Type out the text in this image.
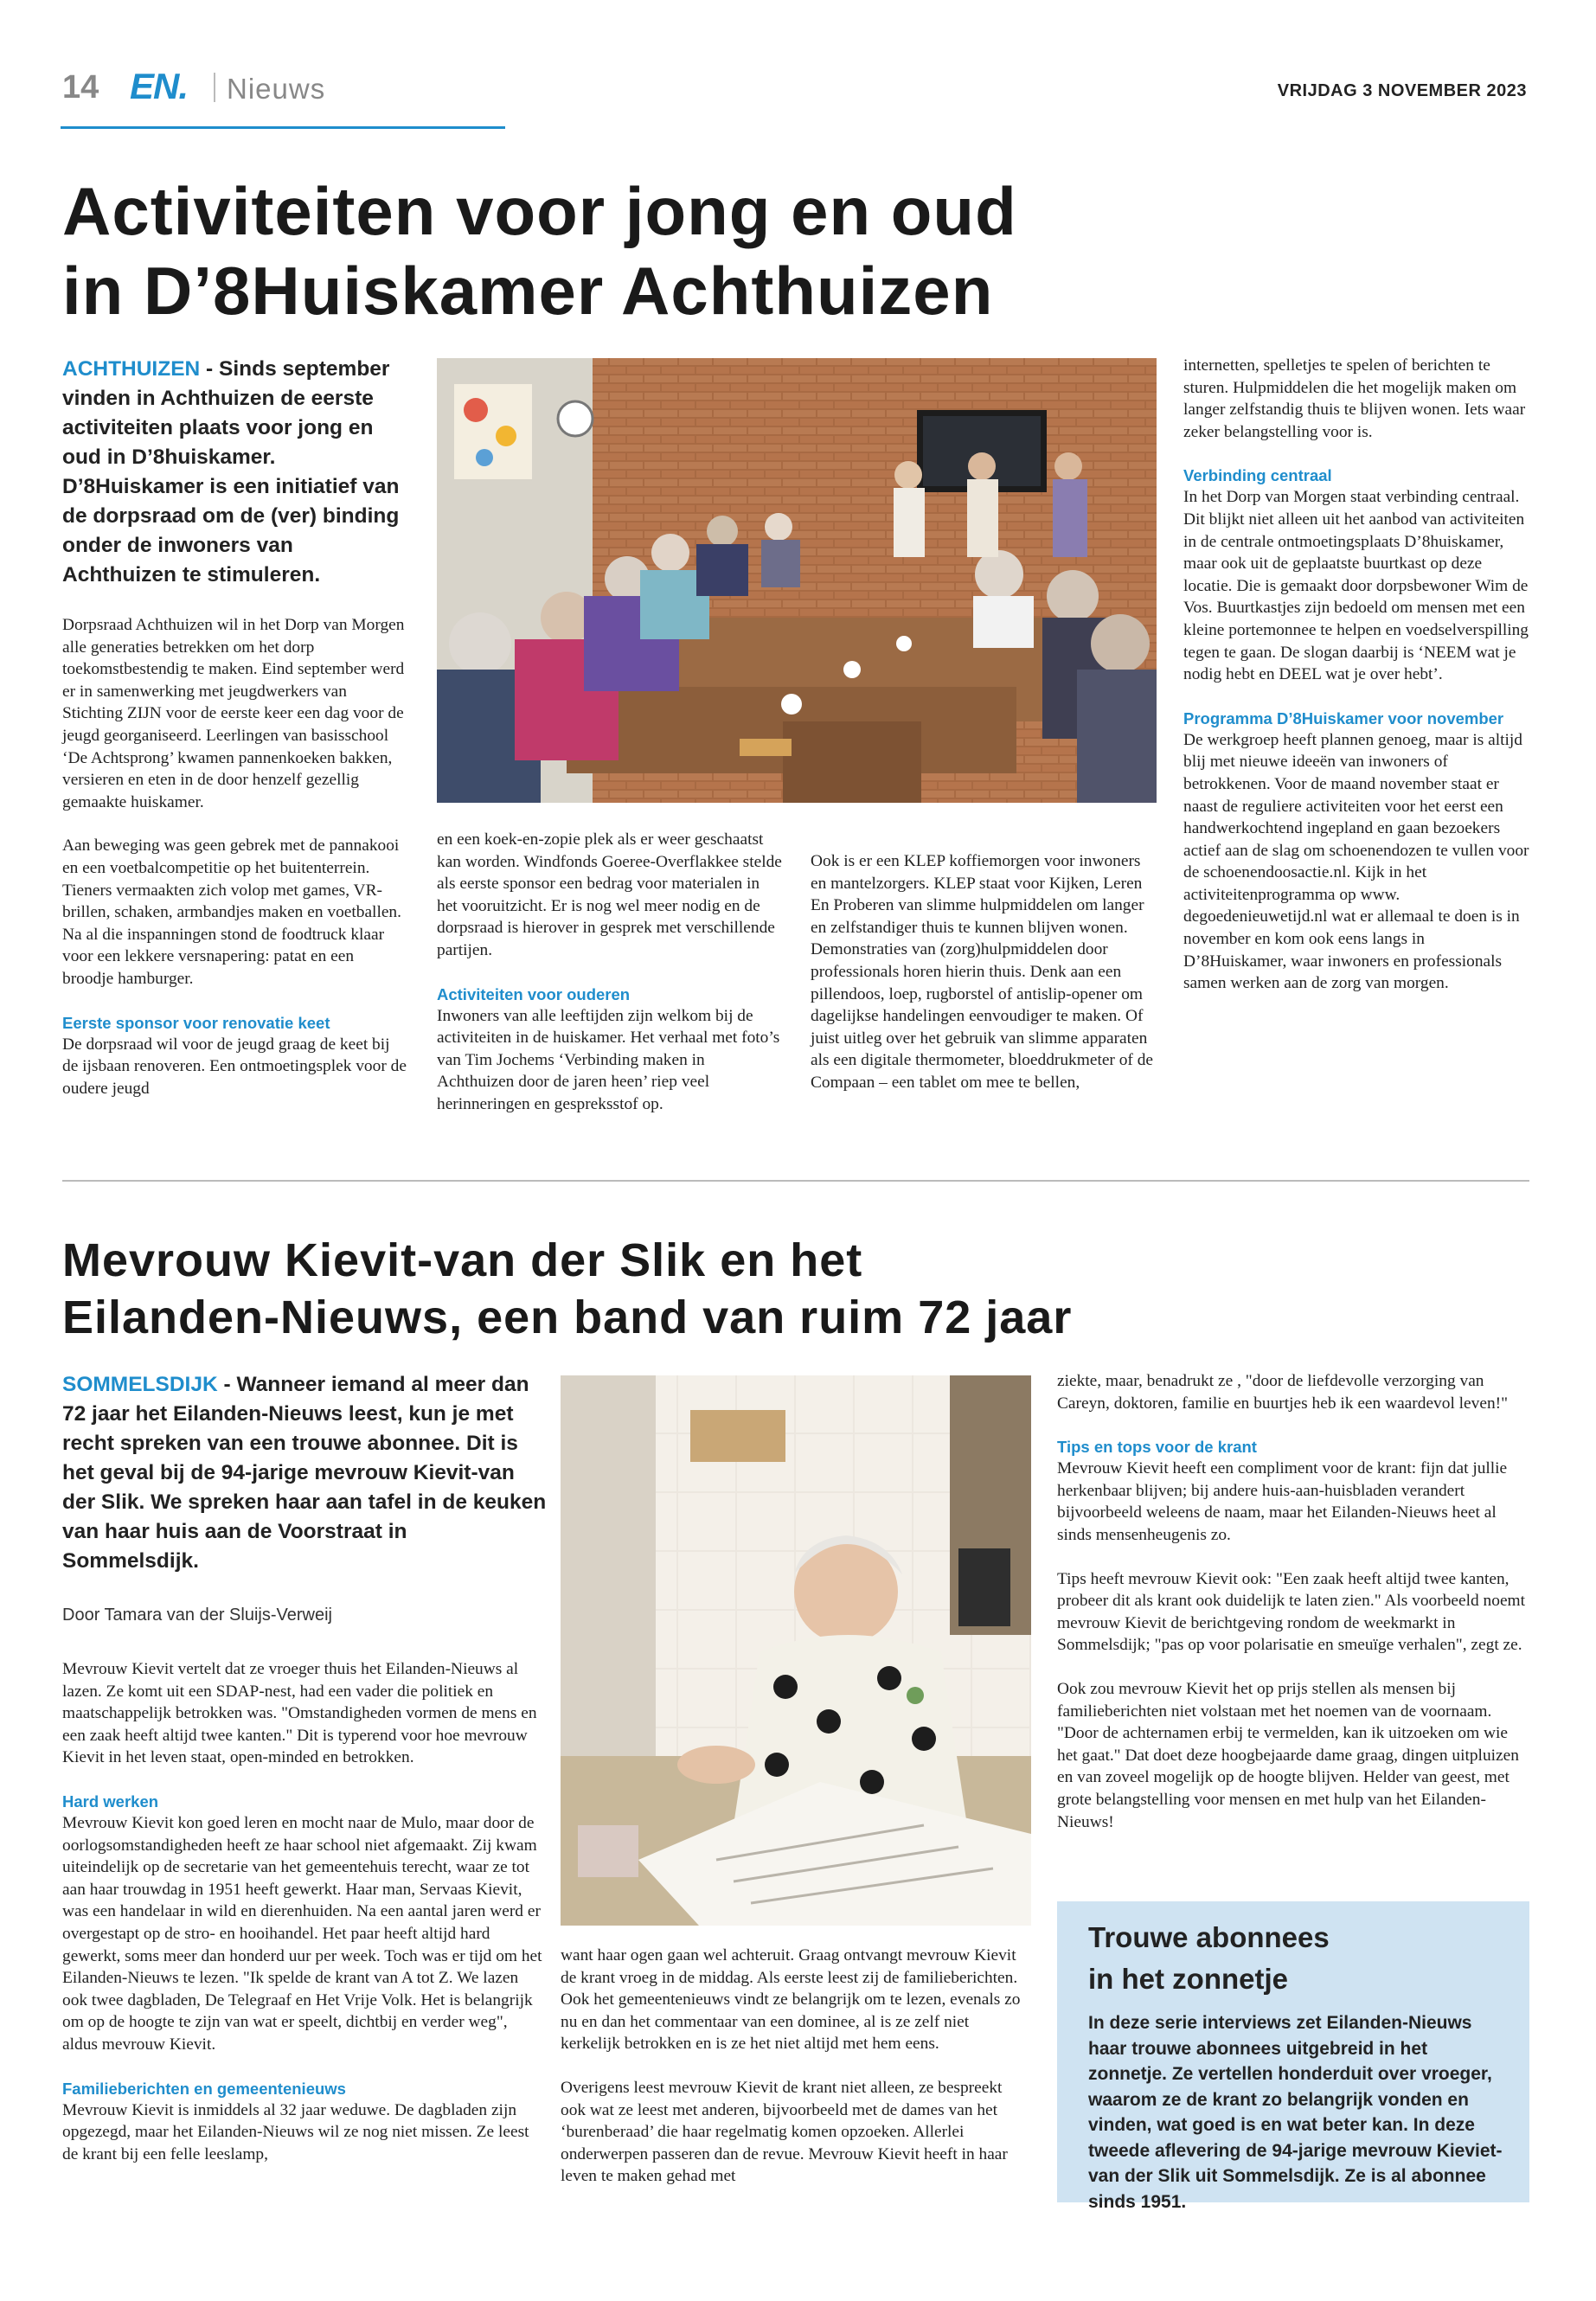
14 EN. Nieuws	VRIJDAG 3 NOVEMBER 2023
Activiteiten voor jong en oud
in D’8Huiskamer Achthuizen
ACHTHUIZEN - Sinds september vinden in Achthuizen de eerste activiteiten plaats voor jong en oud in D’8huiskamer. D’8Huiskamer is een initiatief van de dorpsraad om de (ver) binding onder de inwoners van Achthuizen te stimuleren.

Dorpsraad Achthuizen wil in het Dorp van Morgen alle generaties betrekken om het dorp toekomstbestendig te maken. Eind september werd er in samenwerking met jeugdwerkers van Stichting ZIJN voor de eerste keer een dag voor de jeugd georganiseerd. Leerlingen van basisschool ‘De Achtsprong’ kwamen pannenkoeken bakken, versieren en eten in de door henzelf gezellig gemaakte huiskamer.

Aan beweging was geen gebrek met de pannakooi en een voetbalcompetitie op het buitenterrein. Tieners vermaakten zich volop met games, VR-brillen, schaken, armbandjes maken en voetballen. Na al die inspanningen stond de foodtruck klaar voor een lekkere versnapering: patat en een broodje hamburger.

Eerste sponsor voor renovatie keet

De dorpsraad wil voor de jeugd graag de keet bij de ijsbaan renoveren. Een ontmoetingsplek voor de oudere jeugd

en een koek-en-zopie plek als er weer geschaatst kan worden. Windfonds Goeree-Overflakkee stelde als eerste sponsor een bedrag voor materialen in het vooruitzicht. Er is nog wel meer nodig en de dorpsraad is hierover in gesprek met verschillende partijen.

Activiteiten voor ouderen

Inwoners van alle leeftijden zijn welkom bij de activiteiten in de huiskamer. Het verhaal met foto’s van Tim Jochems ‘Verbinding maken in Achthuizen door de jaren heen’ riep veel herinneringen en gespreksstof op.

Ook is er een KLEP koffiemorgen voor inwoners en mantelzorgers. KLEP staat voor Kijken, Leren En Proberen van slimme hulpmiddelen om langer en zelfstandiger thuis te kunnen blijven wonen. Demonstraties van (zorg)hulpmiddelen door professionals horen hierin thuis. Denk aan een pillendoos, loep, rugborstel of antislip-opener om dagelijkse handelingen eenvoudiger te maken. Of juist uitleg over het gebruik van slimme apparaten als een digitale thermometer, bloeddrukmeter of de Compaan – een tablet om mee te bellen,

internetten, spelletjes te spelen of berichten te sturen. Hulpmiddelen die het mogelijk maken om langer zelfstandig thuis te blijven wonen. Iets waar zeker belangstelling voor is.

Verbinding centraal

In het Dorp van Morgen staat verbinding centraal. Dit blijkt niet alleen uit het aanbod van activiteiten in de centrale ontmoetingsplaats D’8huiskamer, maar ook uit de geplaatste buurtkast op deze locatie. Die is gemaakt door dorpsbewoner Wim de Vos. Buurtkastjes zijn bedoeld om mensen met een kleine portemonnee te helpen en voedselverspilling tegen te gaan. De slogan daarbij is ‘NEEM wat je nodig hebt en DEEL wat je over hebt’.

Programma D’8Huiskamer voor november

De werkgroep heeft plannen genoeg, maar is altijd blij met nieuwe ideeën van inwoners of betrokkenen. Voor de maand november staat er naast de reguliere activiteiten voor het eerst een handwerkochtend ingepland en gaan bezoekers actief aan de slag om schoenendozen te vullen voor de schoenendoosactie.nl. Kijk in het activiteitenprogramma op www. degoedenieuwetijd.nl wat er allemaal te doen is in november en kom ook eens langs in D’8Huiskamer, waar inwoners en professionals samen werken aan de zorg van morgen.

Mevrouw Kievit-van der Slik en het
Eilanden-Nieuws, een band van ruim 72 jaar
SOMMELSDIJK - Wanneer iemand al meer dan 72 jaar het Eilanden-Nieuws leest, kun je met recht spreken van een trouwe abonnee. Dit is het geval bij de 94-jarige mevrouw Kievit-van der Slik. We spreken haar aan tafel in de keuken van haar huis aan de Voorstraat in Sommelsdijk.
Door Tamara van der Sluijs-Verweij

Mevrouw Kievit vertelt dat ze vroeger thuis het Eilanden-Nieuws al lazen. Ze komt uit een SDAP-nest, had een vader die politiek en maatschappelijk betrokken was. "Omstandigheden vormen de mens en een zaak heeft altijd twee kanten." Dit is typerend voor hoe mevrouw Kievit in het leven staat, open-minded en betrokken.

Hard werken

Mevrouw Kievit kon goed leren en mocht naar de Mulo, maar door de oorlogsomstandigheden heeft ze haar school niet afgemaakt. Zij kwam uiteindelijk op de secretarie van het gemeentehuis terecht, waar ze tot aan haar trouwdag in 1951 heeft gewerkt. Haar man, Servaas Kievit, was een handelaar in wild en dierenhuiden. Na een aantal jaren werd er overgestapt op de stro- en hooihandel. Het paar heeft altijd hard gewerkt, soms meer dan honderd uur per week. Toch was er tijd om het Eilanden-Nieuws te lezen. "Ik spelde de krant van A tot Z. We lazen ook twee dagbladen, De Telegraaf en Het Vrije Volk. Het is belangrijk om op de hoogte te zijn van wat er speelt, dichtbij en verder weg", aldus mevrouw Kievit.

Familieberichten en gemeentenieuws

Mevrouw Kievit is inmiddels al 32 jaar weduwe. De dagbladen zijn opgezegd, maar het Eilanden-Nieuws wil ze nog niet missen. Ze leest de krant bij een felle leeslamp,

want haar ogen gaan wel achteruit. Graag ontvangt mevrouw Kievit de krant vroeg in de middag. Als eerste leest zij de familieberichten. Ook het gemeentenieuws vindt ze belangrijk om te lezen, evenals zo nu en dan het commentaar van een dominee, al is ze zelf niet kerkelijk betrokken en is ze het niet altijd met hem eens.

Overigens leest mevrouw Kievit de krant niet alleen, ze bespreekt ook wat ze leest met anderen, bijvoorbeeld met de dames van het ‘burenberaad’ die haar regelmatig komen opzoeken. Allerlei onderwerpen passeren dan de revue. Mevrouw Kievit heeft in haar leven te maken gehad met

ziekte, maar, benadrukt ze , "door de liefdevolle verzorging van Careyn, doktoren, familie en buurtjes heb ik een waardevol leven!"

Tips en tops voor de krant

Mevrouw Kievit heeft een compliment voor de krant: fijn dat jullie herkenbaar blijven; bij andere huis-aan-huisbladen verandert bijvoorbeeld weleens de naam, maar het Eilanden-Nieuws heet al sinds mensenheugenis zo.

Tips heeft mevrouw Kievit ook: "Een zaak heeft altijd twee kanten, probeer dit als krant ook duidelijk te laten zien." Als voorbeeld noemt mevrouw Kievit de berichtgeving rondom de weekmarkt in Sommelsdijk; "pas op voor polarisatie en smeuïge verhalen", zegt ze.

Ook zou mevrouw Kievit het op prijs stellen als mensen bij familieberichten niet volstaan met het noemen van de voornaam. "Door de achternamen erbij te vermelden, kan ik uitzoeken om wie het gaat." Dat doet deze hoogbejaarde dame graag, dingen uitpluizen en van zoveel mogelijk op de hoogte blijven. Helder van geest, met grote belangstelling voor mensen en met hulp van het Eilanden-Nieuws!

Trouwe abonnees
in het zonnetje
In deze serie interviews zet Eilanden-Nieuws haar trouwe abonnees uitgebreid in het zonnetje. Ze vertellen honderduit over vroeger, waarom ze de krant zo belangrijk vonden en vinden, wat goed is en wat beter kan. In deze tweede aflevering de 94-jarige mevrouw Kieviet-van der Slik uit Sommelsdijk. Ze is al abonnee sinds 1951.
